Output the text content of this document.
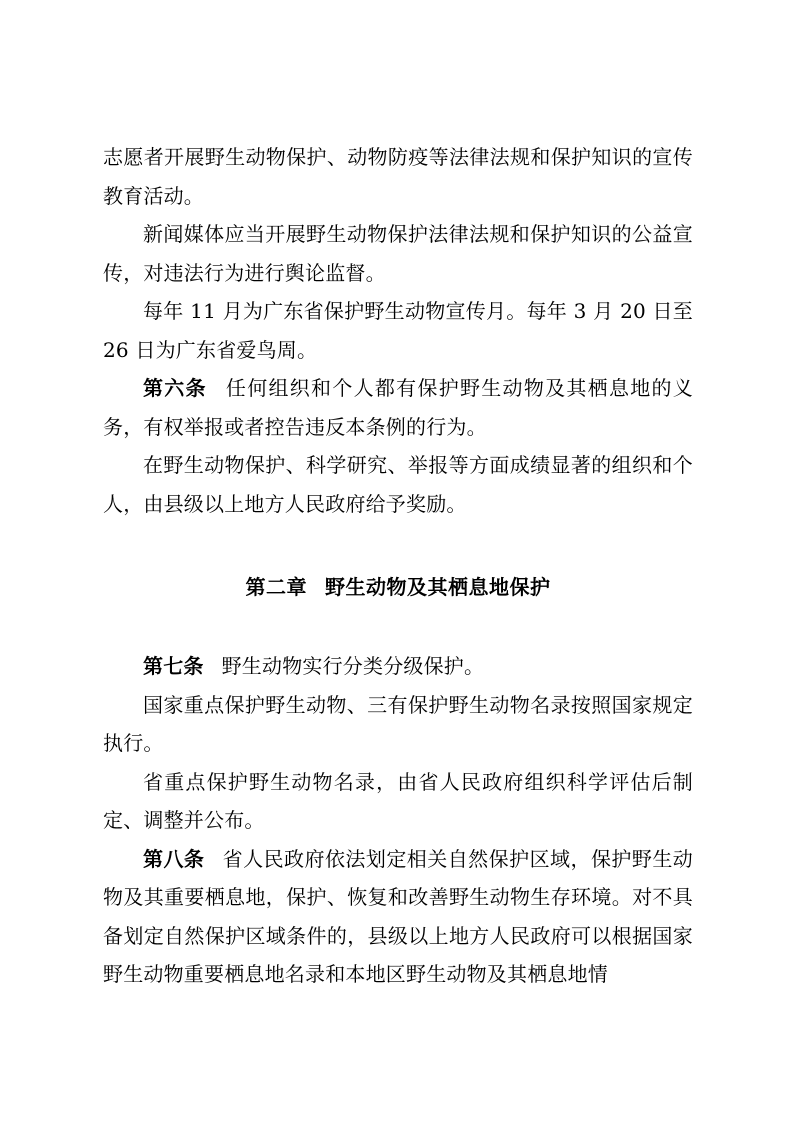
志愿者开展野生动物保护、动物防疫等法律法规和保护知识的宣传教育活动。

新闻媒体应当开展野生动物保护法律法规和保护知识的公益宣传，对违法行为进行舆论监督。

每年 11 月为广东省保护野生动物宣传月。每年 3 月 20 日至 26 日为广东省爱鸟周。

第六条 任何组织和个人都有保护野生动物及其栖息地的义务，有权举报或者控告违反本条例的行为。

在野生动物保护、科学研究、举报等方面成绩显著的组织和个人，由县级以上地方人民政府给予奖励。

第二章 野生动物及其栖息地保护

第七条 野生动物实行分类分级保护。

国家重点保护野生动物、三有保护野生动物名录按照国家规定执行。

省重点保护野生动物名录，由省人民政府组织科学评估后制定、调整并公布。

第八条 省人民政府依法划定相关自然保护区域，保护野生动物及其重要栖息地，保护、恢复和改善野生动物生存环境。对不具备划定自然保护区域条件的，县级以上地方人民政府可以根据国家野生动物重要栖息地名录和本地区野生动物及其栖息地情
